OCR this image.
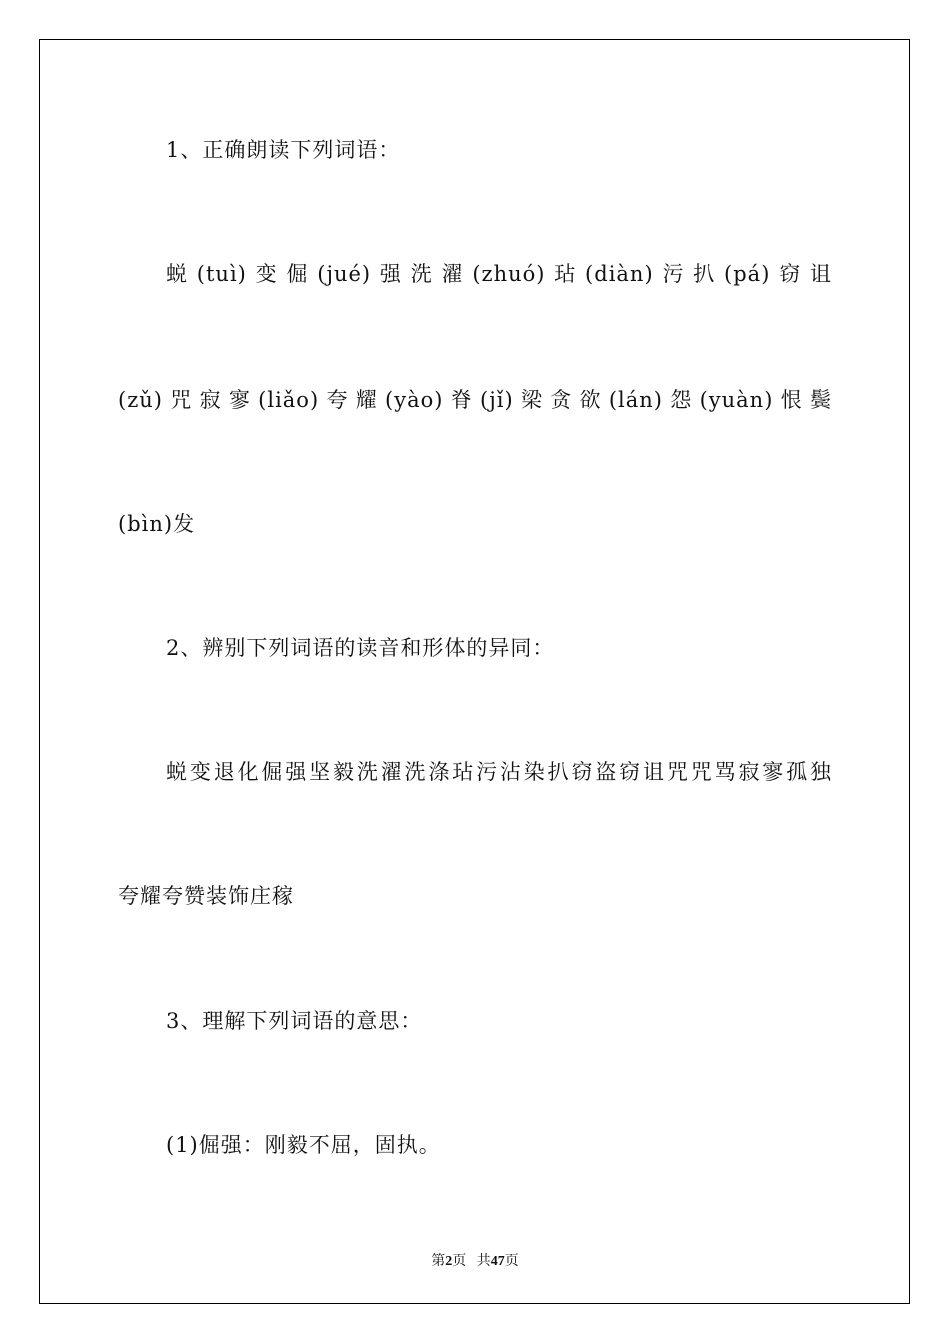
1、正确朗读下列词语：
蜕(tuì)变倔(jué)强洗濯(zhuó)玷(diàn)污扒(pá)窃诅
(zǔ)咒寂寥(liǎo)夸耀(yào)脊(jǐ)梁贪欲(lán)怨(yuàn)恨鬓
(bìn)发
2、辨别下列词语的读音和形体的异同：
蜕变退化倔强坚毅洗濯洗涤玷污沾染扒窃盗窃诅咒咒骂寂寥孤独
夸耀夸赞装饰庄稼
3、理解下列词语的意思：
(1)倔强：刚毅不屈，固执。
第2页 共47页
